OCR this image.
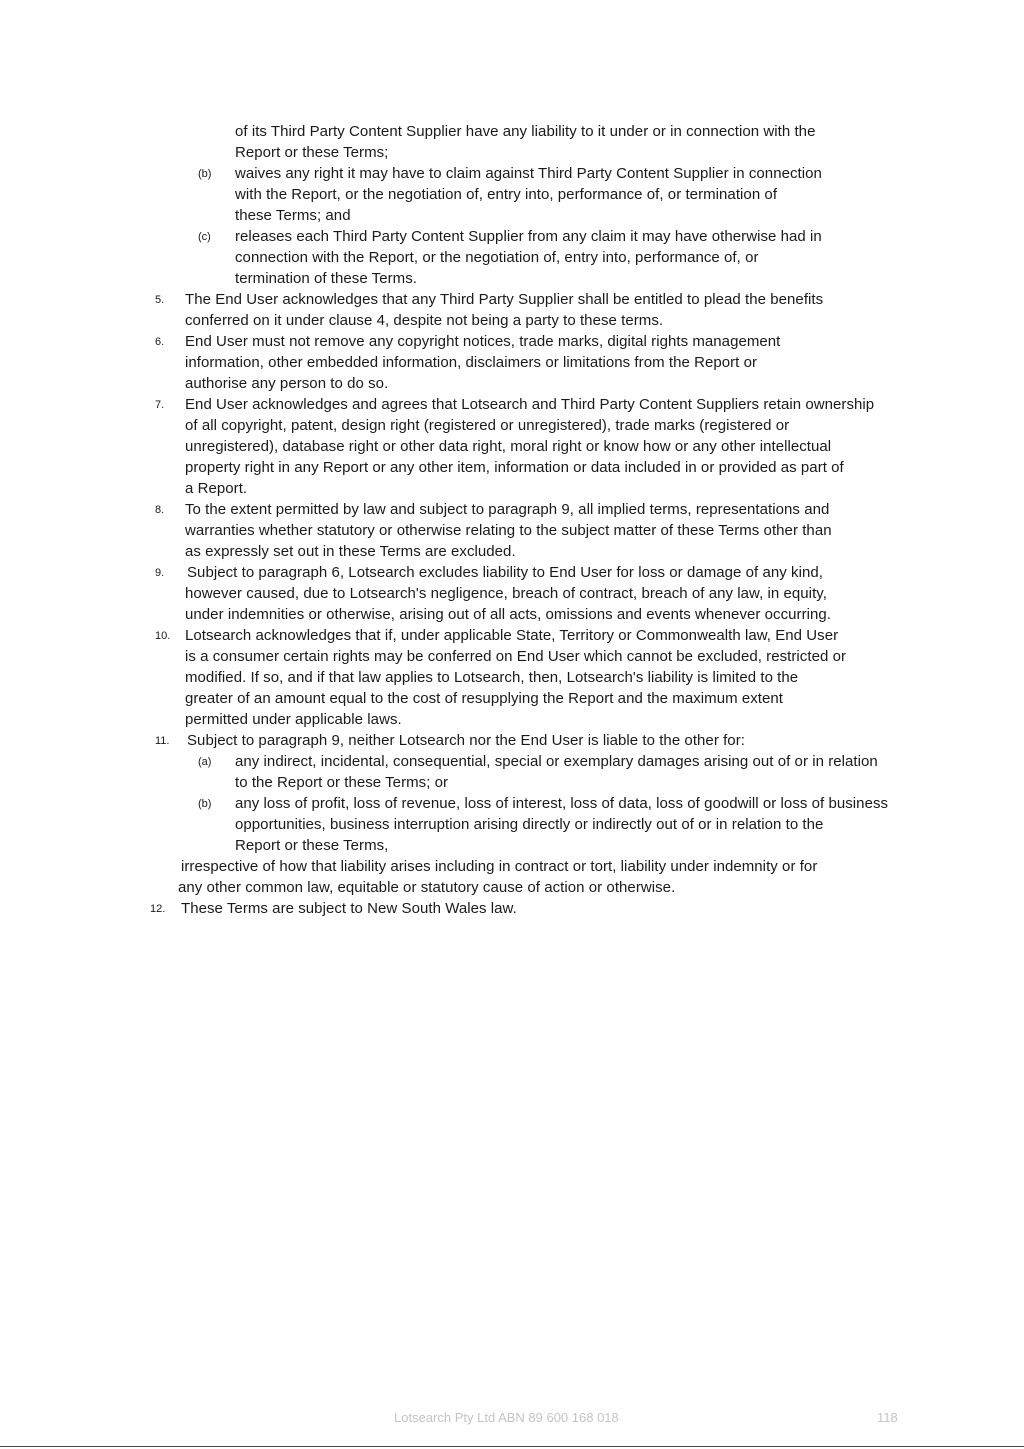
of its Third Party Content Supplier have any liability to it under or in connection with the
Report or these Terms;
(b) waives any right it may have to claim against Third Party Content Supplier in connection
with the Report, or the negotiation of, entry into, performance of, or termination of
these Terms; and
(c) releases each Third Party Content Supplier from any claim it may have otherwise had in
connection with the Report, or the negotiation of, entry into, performance of, or
termination of these Terms.
5. The End User acknowledges that any Third Party Supplier shall be entitled to plead the benefits
conferred on it under clause 4, despite not being a party to these terms.
6. End User must not remove any copyright notices, trade marks, digital rights management
information, other embedded information, disclaimers or limitations from the Report or
authorise any person to do so.
7. End User acknowledges and agrees that Lotsearch and Third Party Content Suppliers retain ownership
of all copyright, patent, design right (registered or unregistered), trade marks (registered or
unregistered), database right or other data right, moral right or know how or any other intellectual
property right in any Report or any other item, information or data included in or provided as part of
a Report.
8. To the extent permitted by law and subject to paragraph 9, all implied terms, representations and
warranties whether statutory or otherwise relating to the subject matter of these Terms other than
as expressly set out in these Terms are excluded.
9. Subject to paragraph 6, Lotsearch excludes liability to End User for loss or damage of any kind,
however caused, due to Lotsearch's negligence, breach of contract, breach of any law, in equity,
under indemnities or otherwise, arising out of all acts, omissions and events whenever occurring.
10. Lotsearch acknowledges that if, under applicable State, Territory or Commonwealth law, End User
is a consumer certain rights may be conferred on End User which cannot be excluded, restricted or
modified. If so, and if that law applies to Lotsearch, then, Lotsearch's liability is limited to the
greater of an amount equal to the cost of resupplying the Report and the maximum extent
permitted under applicable laws.
11. Subject to paragraph 9, neither Lotsearch nor the End User is liable to the other for:
(a) any indirect, incidental, consequential, special or exemplary damages arising out of or in relation
to the Report or these Terms; or
(b) any loss of profit, loss of revenue, loss of interest, loss of data, loss of goodwill or loss of business
opportunities, business interruption arising directly or indirectly out of or in relation to the
Report or these Terms,
irrespective of how that liability arises including in contract or tort, liability under indemnity or for
any other common law, equitable or statutory cause of action or otherwise.
12. These Terms are subject to New South Wales law.
Lotsearch Pty Ltd ABN 89 600 168 018	118
